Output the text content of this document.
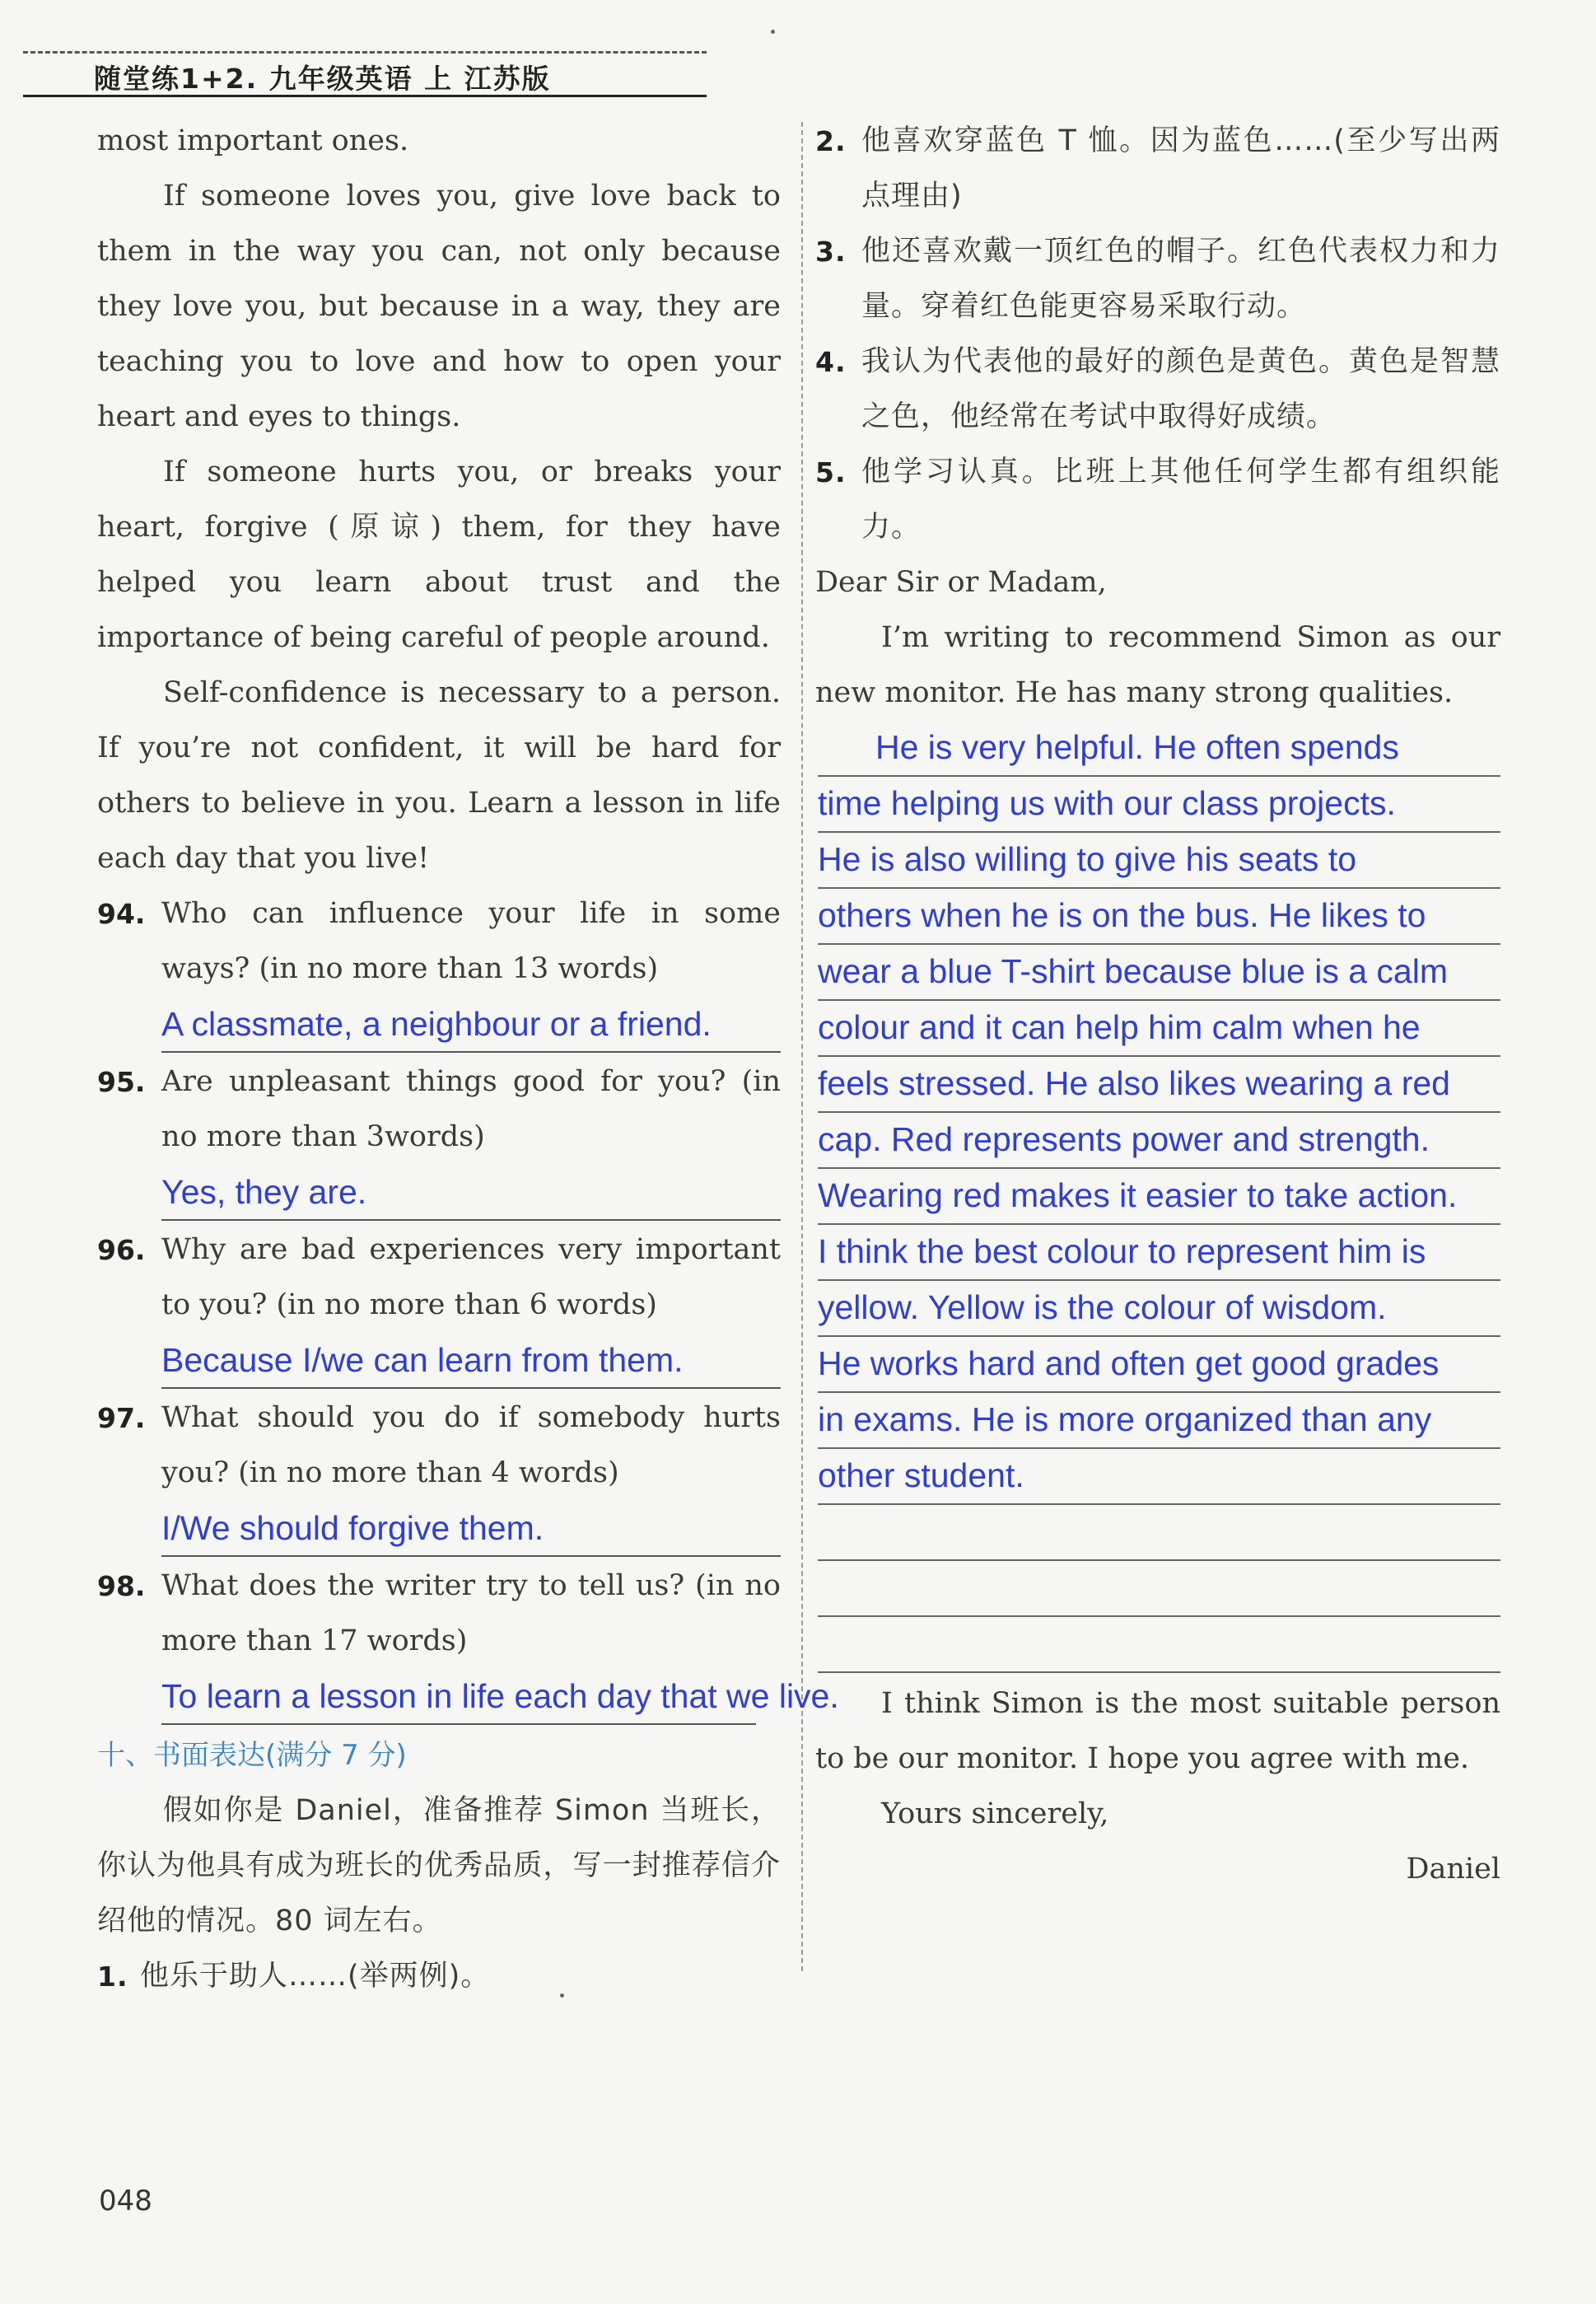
随堂练1+2. 九年级英语 上 江苏版

most important ones.

If someone loves you, give love back to them in the way you can, not only because they love you, but because in a way, they are teaching you to love and how to open your heart and eyes to things.

If someone hurts you, or breaks your heart, forgive (原谅) them, for they have helped you learn about trust and the importance of being careful of people around.

Self-confidence is necessary to a person. If you’re not confident, it will be hard for others to believe in you. Learn a lesson in life each day that you live!

94. Who can influence your life in some ways? (in no more than 13 words)

A classmate, a neighbour or a friend.
95. Are unpleasant things good for you? (in no more than 3words)

Yes, they are.
96. Why are bad experiences very important to you? (in no more than 6 words)

Because I/we can learn from them.
97. What should you do if somebody hurts you? (in no more than 4 words)

I/We should forgive them.
98. What does the writer try to tell us? (in no more than 17 words)

To learn a lesson in life each day that we live.
十、书面表达(满分 7 分)

假如你是 Daniel，准备推荐 Simon 当班长，你认为他具有成为班长的优秀品质，写一封推荐信介绍他的情况。80 词左右。

1. 他乐于助人……(举两例)。
2. 他喜欢穿蓝色 T 恤。因为蓝色……(至少写出两点理由)

3. 他还喜欢戴一顶红色的帽子。红色代表权力和力量。穿着红色能更容易采取行动。

4. 我认为代表他的最好的颜色是黄色。黄色是智慧之色，他经常在考试中取得好成绩。

5. 他学习认真。比班上其他任何学生都有组织能力。

Dear Sir or Madam,

I’m writing to recommend Simon as our new monitor. He has many strong qualities.

He is very helpful. He often spends
time helping us with our class projects.
He is also willing to give his seats to
others when he is on the bus. He likes to
wear a blue T-shirt because blue is a calm
colour and it can help him calm when he
feels stressed. He also likes wearing a red
cap. Red represents power and strength.
Wearing red makes it easier to take action.
I think the best colour to represent him is
yellow. Yellow is the colour of wisdom.
He works hard and often get good grades
in exams. He is more organized than any
other student.

I think Simon is the most suitable person to be our monitor. I hope you agree with me.

Yours sincerely,

Daniel

048
